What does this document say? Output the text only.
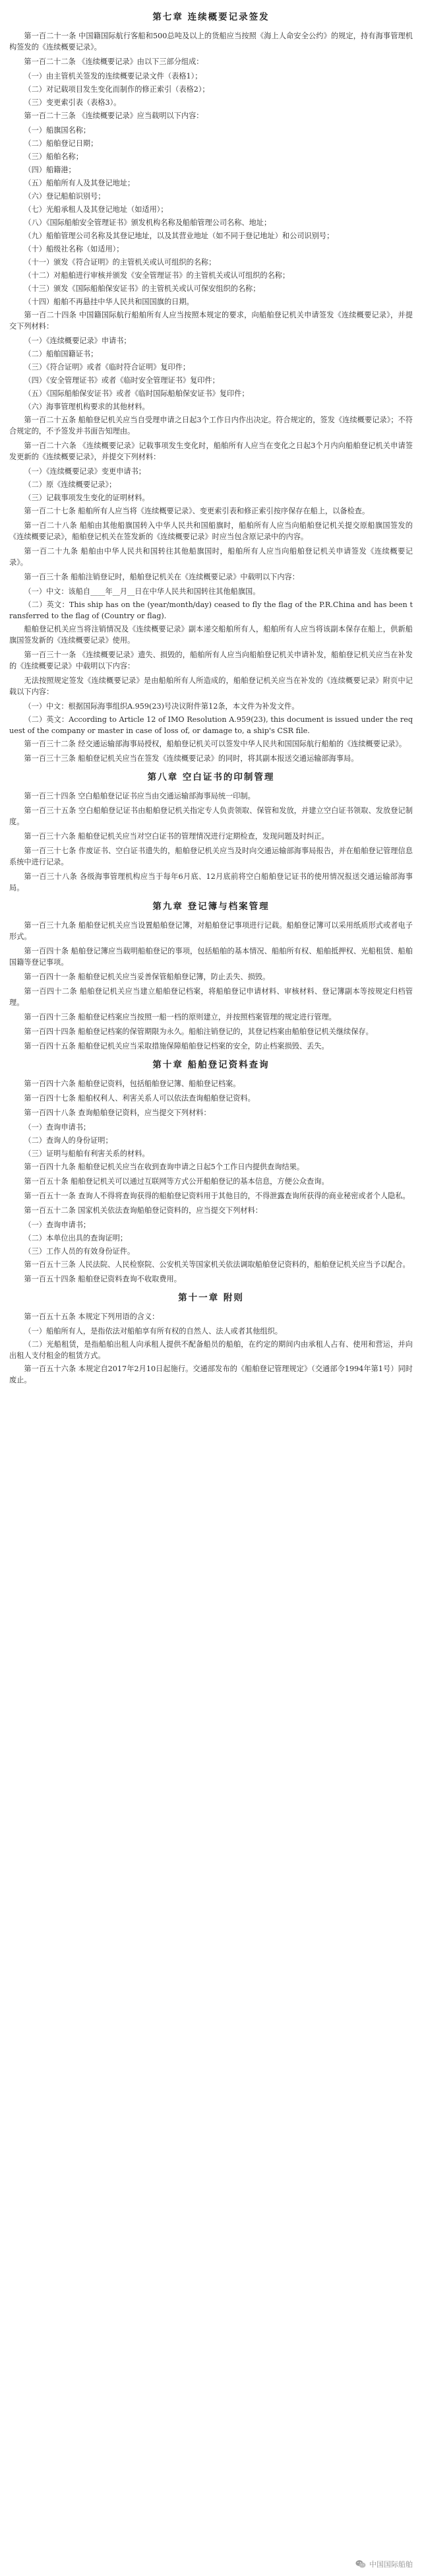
第七章 连续概要记录签发

第一百二十一条 中国籍国际航行客船和500总吨及以上的货船应当按照《海上人命安全公约》的规定，持有海事管理机构签发的《连续概要记录》。

第一百二十二条 《连续概要记录》由以下三部分组成：

（一）由主管机关签发的连续概要记录文件（表格1）；

（二）对记载项目发生变化而制作的修正索引（表格2）；

（三）变更索引表（表格3）。

第一百二十三条 《连续概要记录》应当载明以下内容：

（一）船旗国名称；

（二）船舶登记日期；

（三）船舶名称；

（四）船籍港；

（五）船舶所有人及其登记地址；

（六）登记船舶识别号；

（七）光船承租人及其登记地址（如适用）；

（八）《国际船舶安全管理证书》颁发机构名称及船舶管理公司名称、地址；

（九）船舶管理公司名称及其登记地址，以及其营业地址（如不同于登记地址）和公司识别号；

（十）船级社名称（如适用）；

（十一）颁发《符合证明》的主管机关或认可组织的名称；

（十二）对船舶进行审核并颁发《安全管理证书》的主管机关或认可组织的名称；

（十三）颁发《国际船舶保安证书》的主管机关或认可保安组织的名称；

（十四）船舶不再悬挂中华人民共和国国旗的日期。

第一百二十四条 中国籍国际航行船舶所有人应当按照本规定的要求，向船舶登记机关申请签发《连续概要记录》，并提交下列材料：

（一）《连续概要记录》申请书；

（二）船舶国籍证书；

（三）《符合证明》或者《临时符合证明》复印件；

（四）《安全管理证书》或者《临时安全管理证书》复印件；

（五）《国际船舶保安证书》或者《临时国际船舶保安证书》复印件；

（六）海事管理机构要求的其他材料。

第一百二十五条 船舶登记机关应当自受理申请之日起3个工作日内作出决定。符合规定的，签发《连续概要记录》；不符合规定的，不予签发并书面告知理由。

第一百二十六条 《连续概要记录》记载事项发生变化时，船舶所有人应当在变化之日起3个月内向船舶登记机关申请签发更新的《连续概要记录》，并提交下列材料：

（一）《连续概要记录》变更申请书；

（二）原《连续概要记录》；

（三）记载事项发生变化的证明材料。

第一百二十七条 船舶所有人应当将《连续概要记录》、变更索引表和修正索引按序保存在船上，以备检查。

第一百二十八条 船舶由其他船旗国转入中华人民共和国船旗时，船舶所有人应当向船舶登记机关提交原船旗国签发的《连续概要记录》，船舶登记机关在签发新的《连续概要记录》时应当包含原记录中的内容。

第一百二十九条 船舶由中华人民共和国转往其他船旗国时，船舶所有人应当向船舶登记机关申请签发《连续概要记录》。

第一百三十条 船舶注销登记时，船舶登记机关在《连续概要记录》中载明以下内容：

（一）中文：该船自____年__月__日在中华人民共和国转往其他船旗国。

（二）英文：This ship has on the (year/month/day) ceased to fly the flag of the P.R.China and has been transferred to the flag of (Country or flag).

船舶登记机关应当将注销情况及《连续概要记录》副本递交船舶所有人，船舶所有人应当将该副本保存在船上，供新船旗国签发新的《连续概要记录》使用。

第一百三十一条 《连续概要记录》遗失、损毁的，船舶所有人应当向船舶登记机关申请补发，船舶登记机关应当在补发的《连续概要记录》中载明以下内容：

无法按照规定签发《连续概要记录》是由船舶所有人所造成的，船舶登记机关应当在补发的《连续概要记录》附页中记载以下内容：

（一）中文：根据国际海事组织A.959(23)号决议附件第12条，本文件为补发文件。

（二）英文：According to Article 12 of IMO Resolution A.959(23), this document is issued under the request of the company or master in case of loss of, or damage to, a ship's CSR file.

第一百三十二条 经交通运输部海事局授权，船舶登记机关可以签发中华人民共和国国际航行船舶的《连续概要记录》。

第一百三十三条 船舶登记机关应当在签发《连续概要记录》的同时，将其副本报送交通运输部海事局。

第八章 空白证书的印制管理

第一百三十四条 空白船舶登记证书应当由交通运输部海事局统一印制。

第一百三十五条 空白船舶登记证书由船舶登记机关指定专人负责领取、保管和发放，并建立空白证书领取、发放登记制度。

第一百三十六条 船舶登记机关应当对空白证书的管理情况进行定期检查，发现问题及时纠正。

第一百三十七条 作废证书、空白证书遗失的，船舶登记机关应当及时向交通运输部海事局报告，并在船舶登记管理信息系统中进行记录。

第一百三十八条 各级海事管理机构应当于每年6月底、12月底前将空白船舶登记证书的使用情况报送交通运输部海事局。

第九章 登记簿与档案管理

第一百三十九条 船舶登记机关应当设置船舶登记簿，对船舶登记事项进行记载。船舶登记簿可以采用纸质形式或者电子形式。

第一百四十条 船舶登记簿应当载明船舶登记的事项，包括船舶的基本情况、船舶所有权、船舶抵押权、光船租赁、船舶国籍等登记事项。

第一百四十一条 船舶登记机关应当妥善保管船舶登记簿，防止丢失、损毁。

第一百四十二条 船舶登记机关应当建立船舶登记档案，将船舶登记申请材料、审核材料、登记簿副本等按规定归档管理。

第一百四十三条 船舶登记档案应当按照一船一档的原则建立，并按照档案管理的规定进行管理。

第一百四十四条 船舶登记档案的保管期限为永久。船舶注销登记的，其登记档案由船舶登记机关继续保存。

第一百四十五条 船舶登记机关应当采取措施保障船舶登记档案的安全，防止档案损毁、丢失。

第十章 船舶登记资料查询

第一百四十六条 船舶登记资料，包括船舶登记簿、船舶登记档案。

第一百四十七条 船舶权利人、利害关系人可以依法查询船舶登记资料。

第一百四十八条 查询船舶登记资料，应当提交下列材料：

（一）查询申请书；

（二）查询人的身份证明；

（三）证明与船舶有利害关系的材料。

第一百四十九条 船舶登记机关应当在收到查询申请之日起5个工作日内提供查询结果。

第一百五十条 船舶登记机关可以通过互联网等方式公开船舶登记的基本信息，方便公众查询。

第一百五十一条 查询人不得将查询获得的船舶登记资料用于其他目的，不得泄露查询所获得的商业秘密或者个人隐私。

第一百五十二条 国家机关依法查询船舶登记资料的，应当提交下列材料：

（一）查询申请书；

（二）本单位出具的查询证明；

（三）工作人员的有效身份证件。

第一百五十三条 人民法院、人民检察院、公安机关等国家机关依法调取船舶登记资料的，船舶登记机关应当予以配合。

第一百五十四条 船舶登记资料查询不收取费用。

第十一章 附则

第一百五十五条 本规定下列用语的含义：

（一）船舶所有人，是指依法对船舶享有所有权的自然人、法人或者其他组织。

（二）光船租赁，是指船舶出租人向承租人提供不配备船员的船舶，在约定的期间内由承租人占有、使用和营运，并向出租人支付租金的租赁方式。

第一百五十六条 本规定自2017年2月10日起施行。交通部发布的《船舶登记管理规定》（交通部令1994年第1号）同时废止。

中国国际船舶
